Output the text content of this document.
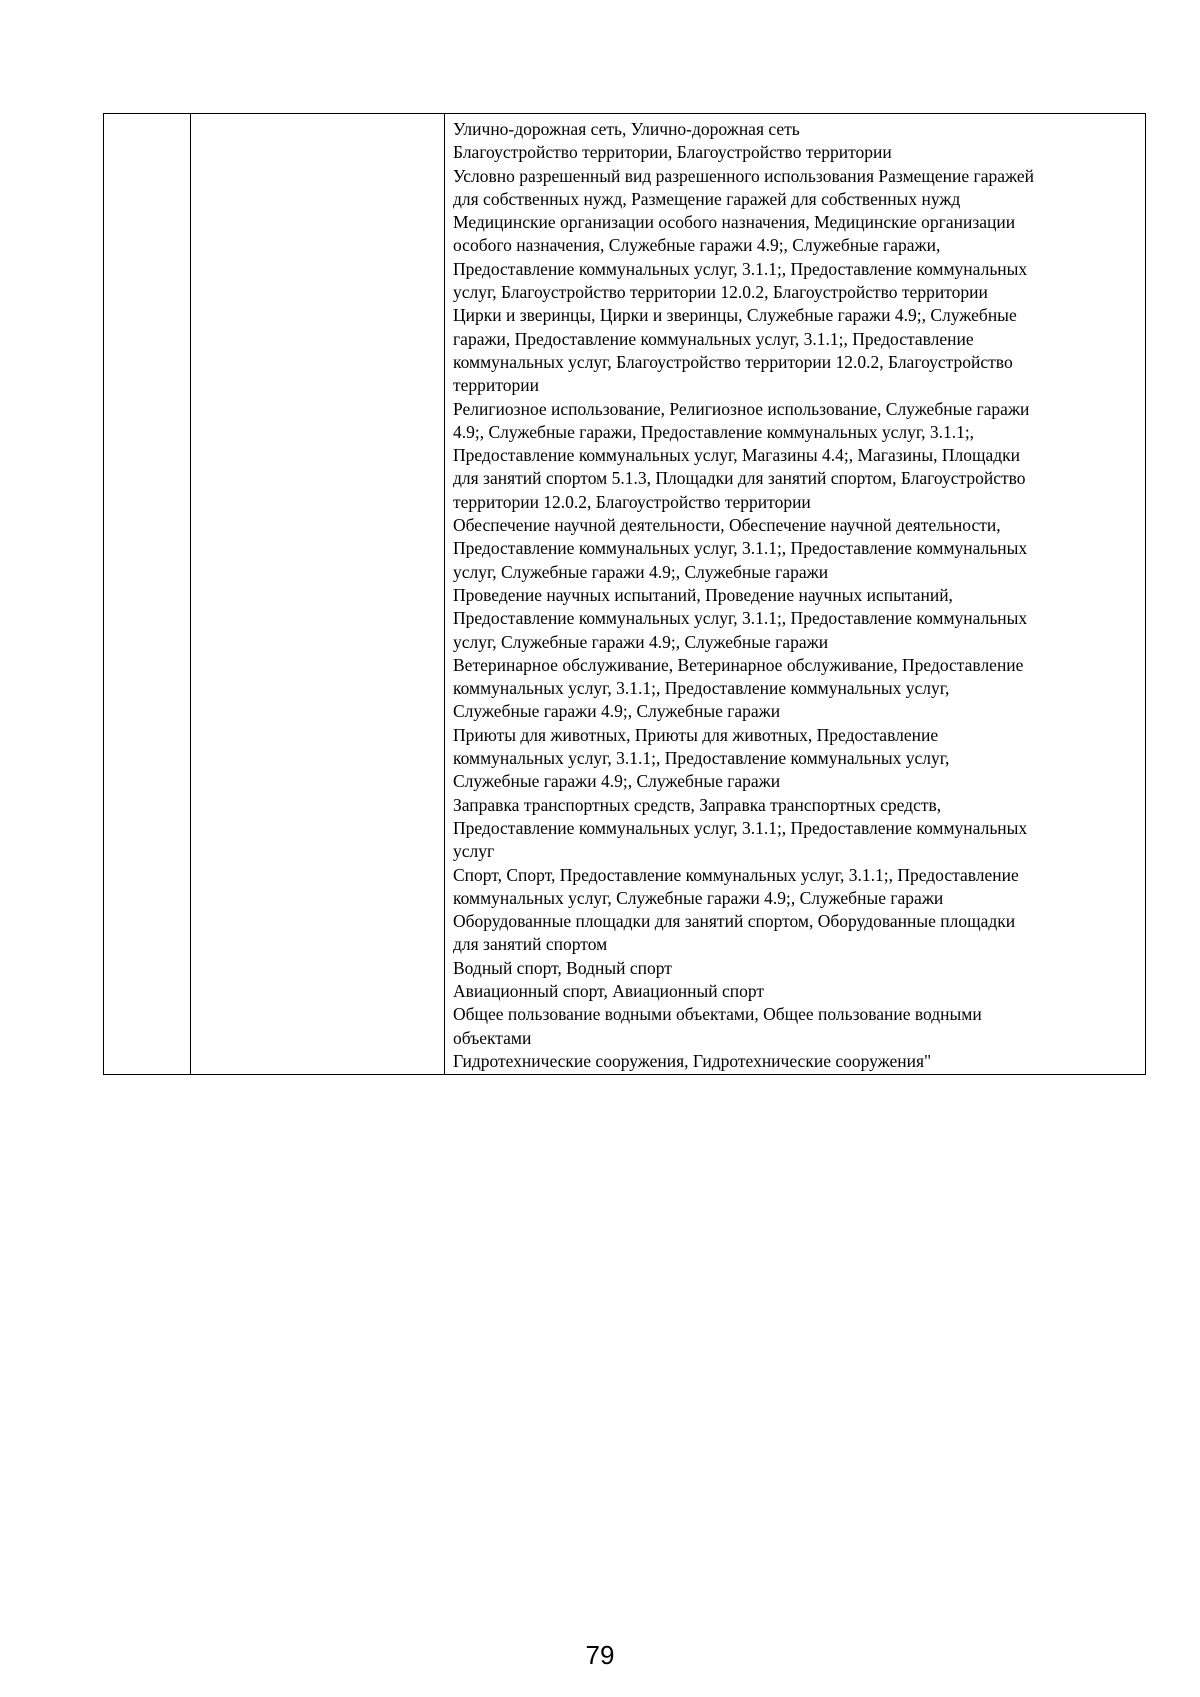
Улично-дорожная сеть, Улично-дорожная сеть
Благоустройство территории, Благоустройство территории
Условно разрешенный вид разрешенного использования Размещение гаражей
для собственных нужд, Размещение гаражей для собственных нужд
Медицинские организации особого назначения, Медицинские организации
особого назначения, Служебные гаражи 4.9;, Служебные гаражи,
Предоставление коммунальных услуг, 3.1.1;, Предоставление коммунальных
услуг, Благоустройство территории 12.0.2, Благоустройство территории
Цирки и зверинцы, Цирки и зверинцы, Служебные гаражи 4.9;, Служебные
гаражи, Предоставление коммунальных услуг, 3.1.1;, Предоставление
коммунальных услуг, Благоустройство территории 12.0.2, Благоустройство
территории
Религиозное использование, Религиозное использование, Служебные гаражи
4.9;, Служебные гаражи, Предоставление коммунальных услуг, 3.1.1;,
Предоставление коммунальных услуг, Магазины 4.4;, Магазины, Площадки
для занятий спортом 5.1.3, Площадки для занятий спортом, Благоустройство
территории 12.0.2, Благоустройство территории
Обеспечение научной деятельности, Обеспечение научной деятельности,
Предоставление коммунальных услуг, 3.1.1;, Предоставление коммунальных
услуг, Служебные гаражи 4.9;, Служебные гаражи
Проведение научных испытаний, Проведение научных испытаний,
Предоставление коммунальных услуг, 3.1.1;, Предоставление коммунальных
услуг, Служебные гаражи 4.9;, Служебные гаражи
Ветеринарное обслуживание, Ветеринарное обслуживание, Предоставление
коммунальных услуг, 3.1.1;, Предоставление коммунальных услуг,
Служебные гаражи 4.9;, Служебные гаражи
Приюты для животных, Приюты для животных, Предоставление
коммунальных услуг, 3.1.1;, Предоставление коммунальных услуг,
Служебные гаражи 4.9;, Служебные гаражи
Заправка транспортных средств, Заправка транспортных средств,
Предоставление коммунальных услуг, 3.1.1;, Предоставление коммунальных
услуг
Спорт, Спорт, Предоставление коммунальных услуг, 3.1.1;, Предоставление
коммунальных услуг, Служебные гаражи 4.9;, Служебные гаражи
Оборудованные площадки для занятий спортом, Оборудованные площадки
для занятий спортом
Водный спорт, Водный спорт
Авиационный спорт, Авиационный спорт
Общее пользование водными объектами, Общее пользование водными
объектами
Гидротехнические сооружения, Гидротехнические сооружения"
79
